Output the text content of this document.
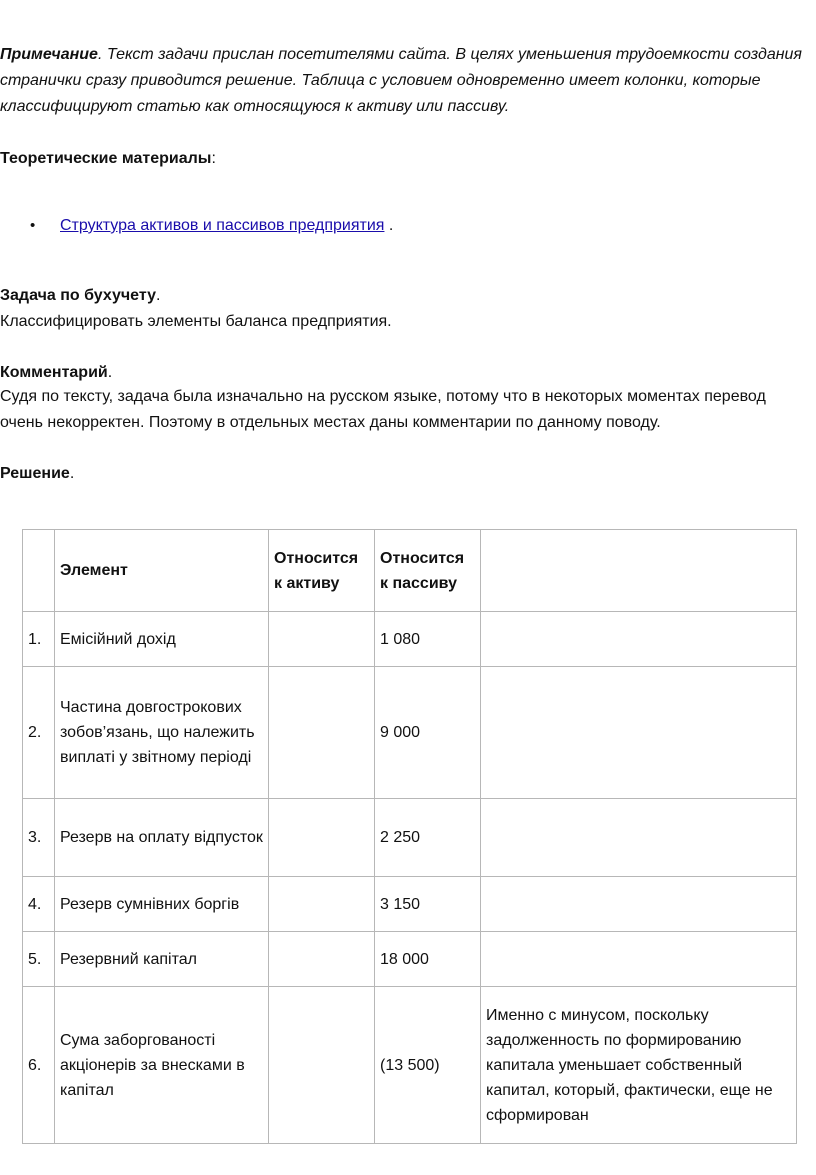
Примечание. Текст задачи прислан посетителями сайта. В целях уменьшения трудоемкости создания странички сразу приводится решение. Таблица с условием одновременно имеет колонки, которые классифицируют статью как относящуюся к активу или пассиву.
Теоретические материалы:
• Структура активов и пассивов предприятия .
Задача по бухучету.
Классифицировать элементы баланса предприятия.
Комментарий.
Судя по тексту, задача была изначально на русском языке, потому что в некоторых моментах перевод очень некорректен. Поэтому в отдельных местах даны комментарии по данному поводу.
Решение.
	Элемент	Относится к активу	Относится к пассиву	
1.	Емісійний дохід		1 080	
2.	Частина довгострокових зобов’язань, що належить виплаті у звітному періоді		9 000	
3.	Резерв на оплату відпусток		2 250	
4.	Резерв сумнівних боргів		3 150	
5.	Резервний капітал		18 000	
6.	Сума заборгованості акціонерів за внесками в капітал		(13 500)	Именно с минусом, поскольку задолженность по формированию капитала уменьшает собственный капитал, который, фактически, еще не сформирован
